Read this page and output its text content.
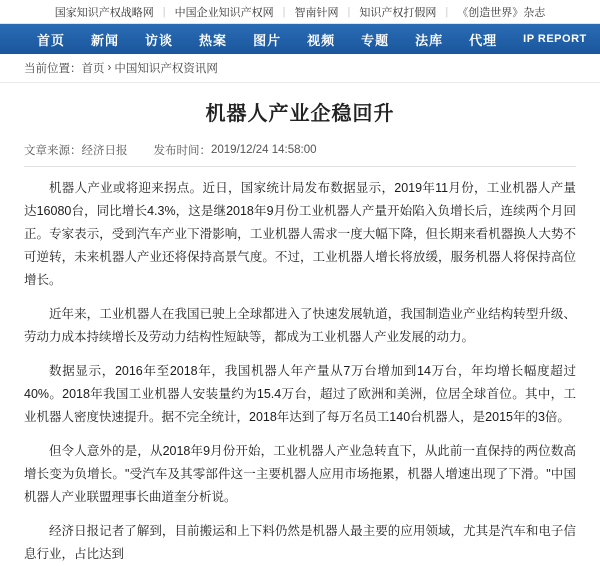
国家知识产权战略网 | 中国企业知识产权网 | 智南针网 | 知识产权打假网 | 《创造世界》杂志
首页	新闻	访谈	热案	图片	视频	专题	法库	代理	IP REPORT
当前位置： 首页 › 中国知识产权资讯网
机器人产业企稳回升
文章来源： 经济日报 发布时间： 2019/12/24 14:58:00

机器人产业或将迎来拐点。近日，国家统计局发布数据显示，2019年11月份，工业机器人产量达16080台，同比增长4.3%，这是继2018年9月份工业机器人产量开始陷入负增长后，连续两个月回正。专家表示，受到汽车产业下滑影响，工业机器人需求一度大幅下降，但长期来看机器换人大势不可逆转，未来机器人产业还将保持高景气度。不过，工业机器人增长将放缓，服务机器人将保持高位增长。

近年来，工业机器人在我国已驶上全球都进入了快速发展轨道，我国制造业产业结构转型升级、劳动力成本持续增长及劳动力结构性短缺等，都成为工业机器人产业发展的动力。

数据显示，2016年至2018年，我国机器人年产量从7万台增加到14万台，年均增长幅度超过40%。2018年我国工业机器人安装量约为15.4万台，超过了欧洲和美洲，位居全球首位。其中，工业机器人密度快速提升。据不完全统计，2018年达到了每万名员工140台机器人，是2015年的3倍。

但令人意外的是，从2018年9月份开始，工业机器人产业急转直下，从此前一直保持的两位数高增长变为负增长。"受汽车及其零部件这一主要机器人应用市场拖累，机器人增速出现了下滑。"中国机器人产业联盟理事长曲道奎分析说。

经济日报记者了解到，目前搬运和上下料仍然是机器人最主要的应用领域，尤其是汽车和电子信息行业，占比达到
